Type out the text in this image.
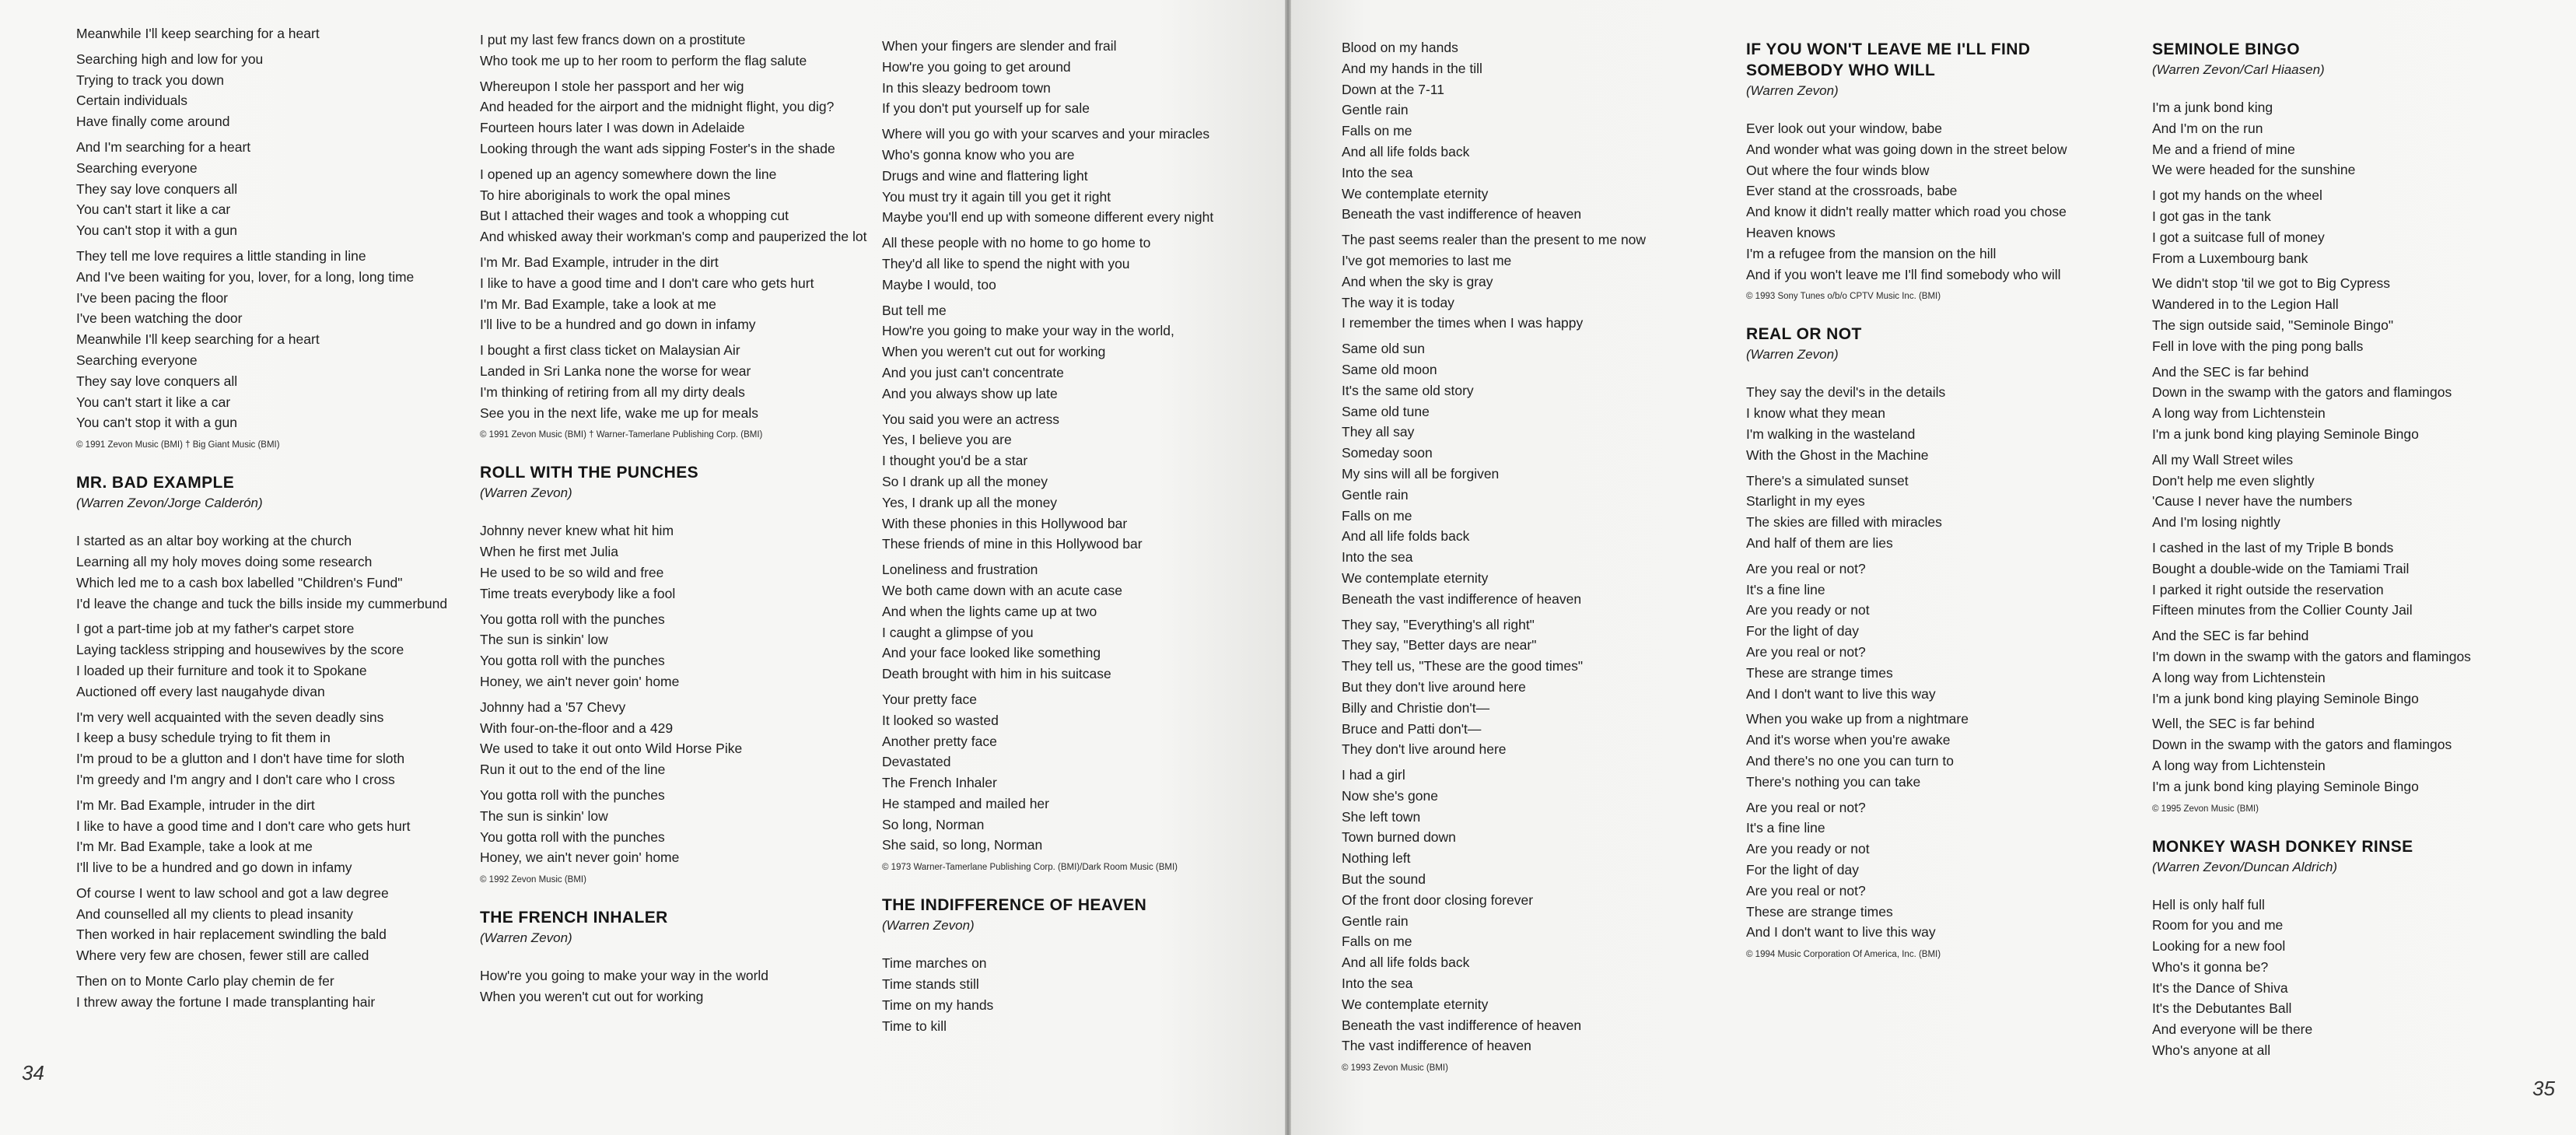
Meanwhile I'll keep searching for a heart
Searching high and low for you
Trying to track you down
Certain individuals
Have finally come around
And I'm searching for a heart
Searching everyone
They say love conquers all
You can't start it like a car
You can't stop it with a gun
They tell me love requires a little standing in line
And I've been waiting for you, lover, for a long, long time
I've been pacing the floor
I've been watching the door
Meanwhile I'll keep searching for a heart
Searching everyone
They say love conquers all
You can't start it like a car
You can't stop it with a gun
© 1991 Zevon Music (BMI) † Big Giant Music (BMI)
MR. BAD EXAMPLE
(Warren Zevon/Jorge Calderón)
I started as an altar boy working at the church
Learning all my holy moves doing some research
Which led me to a cash box labelled "Children's Fund"
I'd leave the change and tuck the bills inside my cummerbund
I got a part-time job at my father's carpet store
Laying tackless stripping and housewives by the score
I loaded up their furniture and took it to Spokane
Auctioned off every last naugahyde divan
I'm very well acquainted with the seven deadly sins
I keep a busy schedule trying to fit them in
I'm proud to be a glutton and I don't have time for sloth
I'm greedy and I'm angry and I don't care who I cross
I'm Mr. Bad Example, intruder in the dirt
I like to have a good time and I don't care who gets hurt
I'm Mr. Bad Example, take a look at me
I'll live to be a hundred and go down in infamy
Of course I went to law school and got a law degree
And counselled all my clients to plead insanity
Then worked in hair replacement swindling the bald
Where very few are chosen, fewer still are called
Then on to Monte Carlo play chemin de fer
I threw away the fortune I made transplanting hair
I put my last few francs down on a prostitute
Who took me up to her room to perform the flag salute
Whereupon I stole her passport and her wig
And headed for the airport and the midnight flight, you dig?
Fourteen hours later I was down in Adelaide
Looking through the want ads sipping Foster's in the shade
I opened up an agency somewhere down the line
To hire aboriginals to work the opal mines
But I attached their wages and took a whopping cut
And whisked away their workman's comp and pauperized the lot
I'm Mr. Bad Example, intruder in the dirt
I like to have a good time and I don't care who gets hurt
I'm Mr. Bad Example, take a look at me
I'll live to be a hundred and go down in infamy
I bought a first class ticket on Malaysian Air
Landed in Sri Lanka none the worse for wear
I'm thinking of retiring from all my dirty deals
See you in the next life, wake me up for meals
© 1991 Zevon Music (BMI) † Warner-Tamerlane Publishing Corp. (BMI)
ROLL WITH THE PUNCHES
(Warren Zevon)
Johnny never knew what hit him
When he first met Julia
He used to be so wild and free
Time treats everybody like a fool
You gotta roll with the punches
The sun is sinkin' low
You gotta roll with the punches
Honey, we ain't never goin' home
Johnny had a '57 Chevy
With four-on-the-floor and a 429
We used to take it out onto Wild Horse Pike
Run it out to the end of the line
You gotta roll with the punches
The sun is sinkin' low
You gotta roll with the punches
Honey, we ain't never goin' home
© 1992 Zevon Music (BMI)
THE FRENCH INHALER
(Warren Zevon)
How're you going to make your way in the world
When you weren't cut out for working
When your fingers are slender and frail
How're you going to get around
In this sleazy bedroom town
If you don't put yourself up for sale
Where will you go with your scarves and your miracles
Who's gonna know who you are
Drugs and wine and flattering light
You must try it again till you get it right
Maybe you'll end up with someone different every night
All these people with no home to go home to
They'd all like to spend the night with you
Maybe I would, too
But tell me
How're you going to make your way in the world,
When you weren't cut out for working
And you just can't concentrate
And you always show up late
You said you were an actress
Yes, I believe you are
I thought you'd be a star
So I drank up all the money
Yes, I drank up all the money
With these phonies in this Hollywood bar
These friends of mine in this Hollywood bar
Loneliness and frustration
We both came down with an acute case
And when the lights came up at two
I caught a glimpse of you
And your face looked like something
Death brought with him in his suitcase
Your pretty face
It looked so wasted
Another pretty face
Devastated
The French Inhaler
He stamped and mailed her
So long, Norman
She said, so long, Norman
© 1973 Warner-Tamerlane Publishing Corp. (BMI)/Dark Room Music (BMI)
THE INDIFFERENCE OF HEAVEN
(Warren Zevon)
Time marches on
Time stands still
Time on my hands
Time to kill
Blood on my hands
And my hands in the till
Down at the 7-11
Gentle rain
Falls on me
And all life folds back
Into the sea
We contemplate eternity
Beneath the vast indifference of heaven
The past seems realer than the present to me now
I've got memories to last me
And when the sky is gray
The way it is today
I remember the times when I was happy
Same old sun
Same old moon
It's the same old story
Same old tune
They all say
Someday soon
My sins will all be forgiven
Gentle rain
Falls on me
And all life folds back
Into the sea
We contemplate eternity
Beneath the vast indifference of heaven
They say, "Everything's all right"
They say, "Better days are near"
They tell us, "These are the good times"
But they don't live around here
Billy and Christie don't—
Bruce and Patti don't—
They don't live around here
I had a girl
Now she's gone
She left town
Town burned down
Nothing left
But the sound
Of the front door closing forever
Gentle rain
Falls on me
And all life folds back
Into the sea
We contemplate eternity
Beneath the vast indifference of heaven
The vast indifference of heaven
© 1993 Zevon Music (BMI)
IF YOU WON'T LEAVE ME I'LL FIND
SOMEBODY WHO WILL
(Warren Zevon)
Ever look out your window, babe
And wonder what was going down in the street below
Out where the four winds blow
Ever stand at the crossroads, babe
And know it didn't really matter which road you chose
Heaven knows
I'm a refugee from the mansion on the hill
And if you won't leave me I'll find somebody who will
© 1993 Sony Tunes o/b/o CPTV Music Inc. (BMI)
REAL OR NOT
(Warren Zevon)
They say the devil's in the details
I know what they mean
I'm walking in the wasteland
With the Ghost in the Machine
There's a simulated sunset
Starlight in my eyes
The skies are filled with miracles
And half of them are lies
Are you real or not?
It's a fine line
Are you ready or not
For the light of day
Are you real or not?
These are strange times
And I don't want to live this way
When you wake up from a nightmare
And it's worse when you're awake
And there's no one you can turn to
There's nothing you can take
Are you real or not?
It's a fine line
Are you ready or not
For the light of day
Are you real or not?
These are strange times
And I don't want to live this way
© 1994 Music Corporation Of America, Inc. (BMI)
SEMINOLE BINGO
(Warren Zevon/Carl Hiaasen)
I'm a junk bond king
And I'm on the run
Me and a friend of mine
We were headed for the sunshine
I got my hands on the wheel
I got gas in the tank
I got a suitcase full of money
From a Luxembourg bank
We didn't stop 'til we got to Big Cypress
Wandered in to the Legion Hall
The sign outside said, "Seminole Bingo"
Fell in love with the ping pong balls
And the SEC is far behind
Down in the swamp with the gators and flamingos
A long way from Lichtenstein
I'm a junk bond king playing Seminole Bingo
All my Wall Street wiles
Don't help me even slightly
'Cause I never have the numbers
And I'm losing nightly
I cashed in the last of my Triple B bonds
Bought a double-wide on the Tamiami Trail
I parked it right outside the reservation
Fifteen minutes from the Collier County Jail
And the SEC is far behind
I'm down in the swamp with the gators and flamingos
A long way from Lichtenstein
I'm a junk bond king playing Seminole Bingo
Well, the SEC is far behind
Down in the swamp with the gators and flamingos
A long way from Lichtenstein
I'm a junk bond king playing Seminole Bingo
© 1995 Zevon Music (BMI)
MONKEY WASH DONKEY RINSE
(Warren Zevon/Duncan Aldrich)
Hell is only half full
Room for you and me
Looking for a new fool
Who's it gonna be?
It's the Dance of Shiva
It's the Debutantes Ball
And everyone will be there
Who's anyone at all
34
35
